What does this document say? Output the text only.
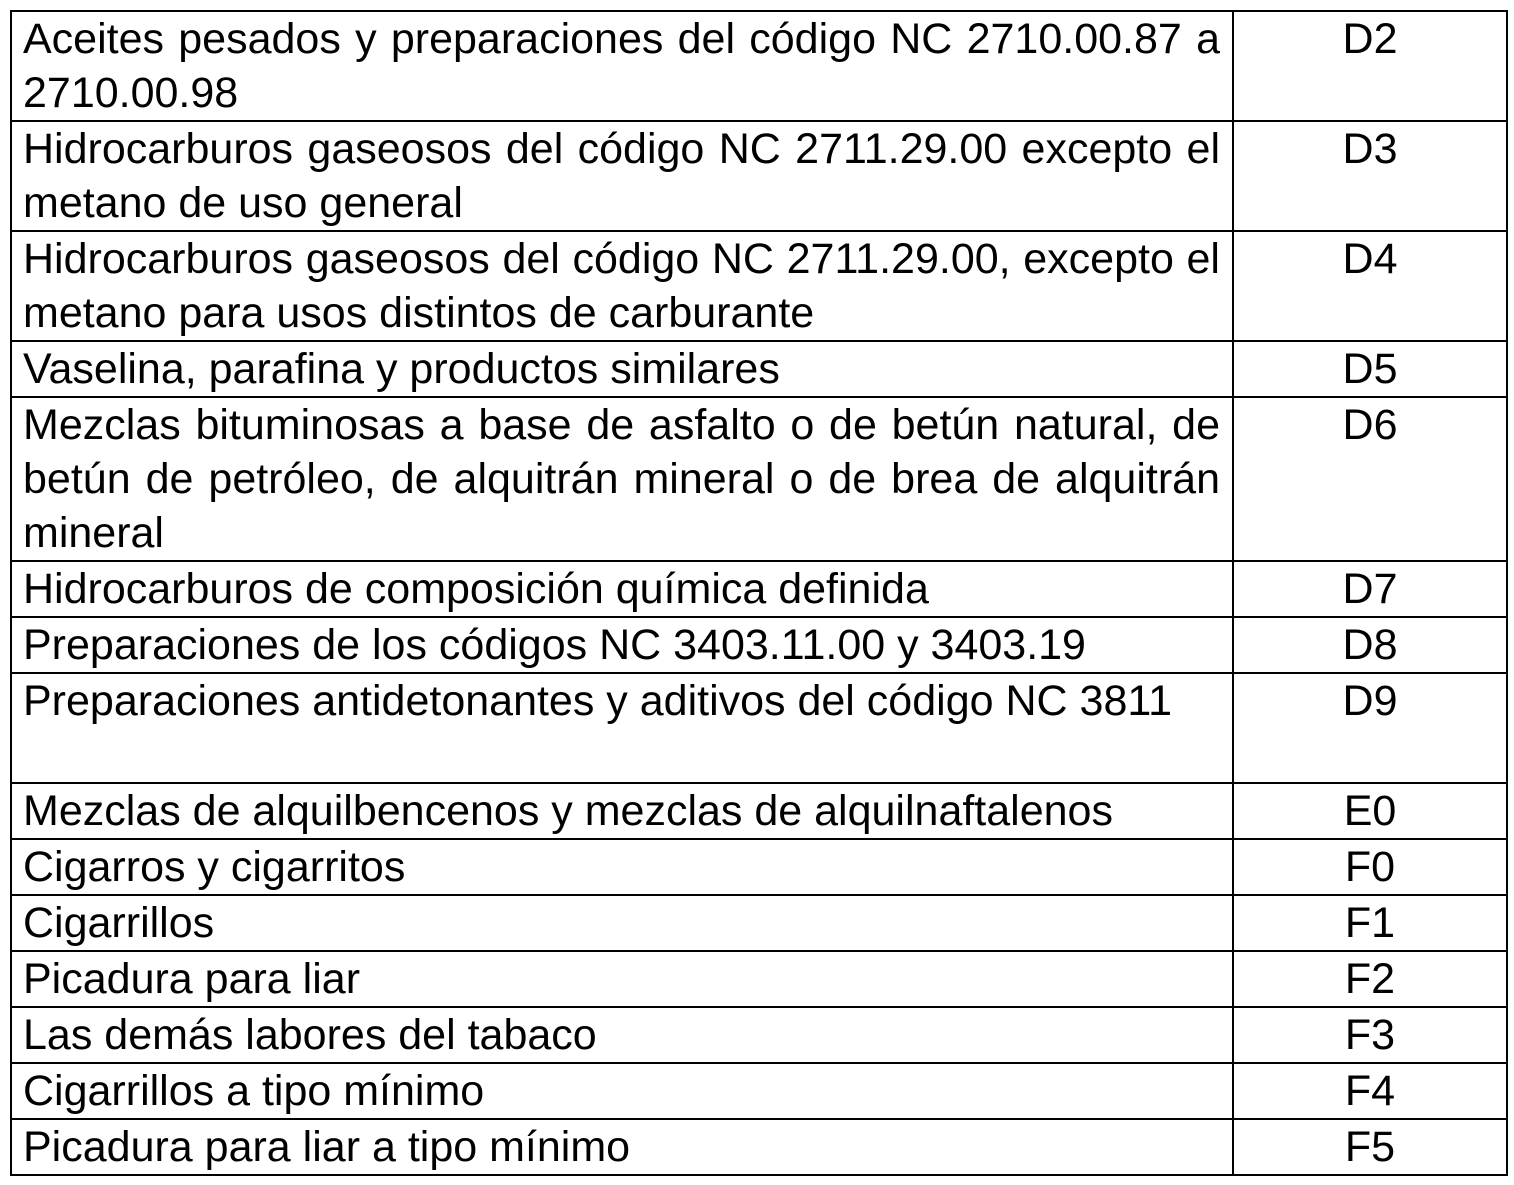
Aceites pesados y preparaciones del código NC 2710.00.87 a 2710.00.98	D2
Hidrocarburos gaseosos del código NC 2711.29.00 excepto el metano de uso general	D3
Hidrocarburos gaseosos del código NC 2711.29.00, excepto el metano para usos distintos de carburante	D4
Vaselina, parafina y productos similares	D5
Mezclas bituminosas a base de asfalto o de betún natural, de betún de petróleo, de alquitrán mineral o de brea de alquitrán mineral	D6
Hidrocarburos de composición química definida	D7
Preparaciones de los códigos NC 3403.11.00 y 3403.19	D8
Preparaciones antidetonantes y aditivos del código NC 3811	D9
Mezclas de alquilbencenos y mezclas de alquilnaftalenos	E0
Cigarros y cigarritos	F0
Cigarrillos	F1
Picadura para liar	F2
Las demás labores del tabaco	F3
Cigarrillos a tipo mínimo	F4
Picadura para liar a tipo mínimo	F5
